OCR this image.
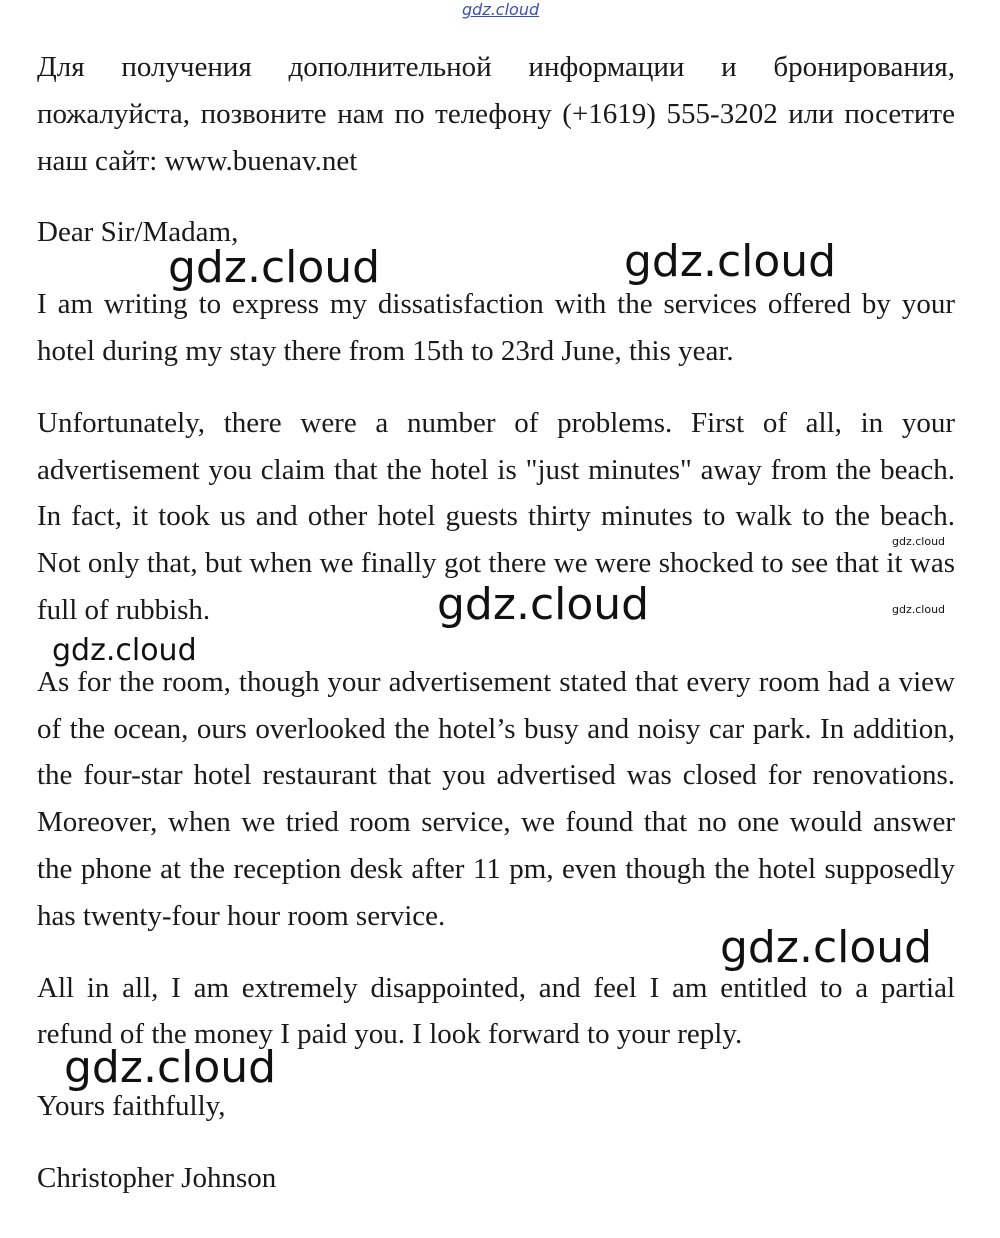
Для получения дополнительной информации и бронирования, пожалуйста, позвоните нам по телефону (+1619) 555-3202 или посетите наш сайт: www.buenav.net

Dear Sir/Madam,

I am writing to express my dissatisfaction with the services offered by your hotel during my stay there from 15th to 23rd June, this year.

Unfortunately, there were a number of problems. First of all, in your advertisement you claim that the hotel is "just minutes" away from the beach. In fact, it took us and other hotel guests thirty minutes to walk to the beach. Not only that, but when we finally got there we were shocked to see that it was full of rubbish.

As for the room, though your advertisement stated that every room had a view of the ocean, ours overlooked the hotel’s busy and noisy car park. In addition, the four-star hotel restaurant that you advertised was closed for renovations. Moreover, when we tried room service, we found that no one would answer the phone at the reception desk after 11 pm, even though the hotel supposedly has twenty-four hour room service.

All in all, I am extremely disappointed, and feel I am entitled to a partial refund of the money I paid you. I look forward to your reply.

Yours faithfully,

Christopher Johnson

gdz.cloud
gdz.cloud	gdz.cloud
gdz.cloud
gdz.cloud	gdz.cloud
gdz.cloud
gdz.cloud
gdz.cloud
